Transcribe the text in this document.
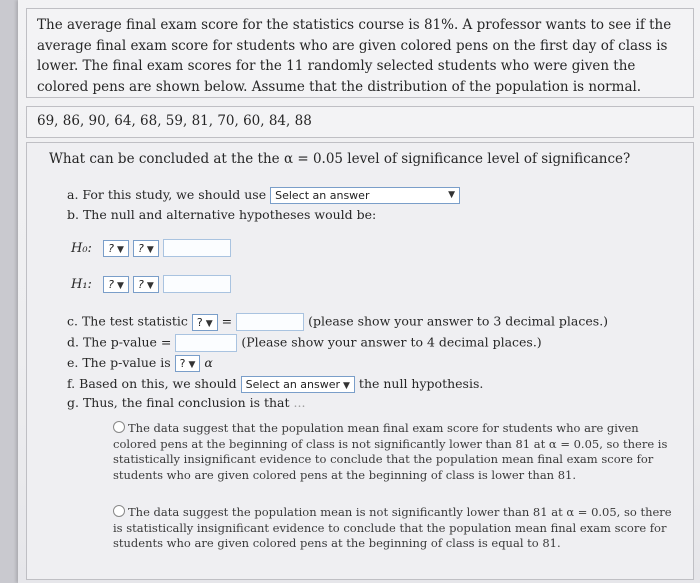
The average final exam score for the statistics course is 81%. A professor wants to see if the average final exam score for students who are given colored pens on the first day of class is lower. The final exam scores for the 11 randomly selected students who were given the colored pens are shown below. Assume that the distribution of the population is normal.

69, 86, 90, 64, 68, 59, 81, 70, 60, 84, 88
What can be concluded at the the α = 0.05 level of significance level of significance?
a. For this study, we should use Select an answer	▼
b. The null and alternative hypotheses would be:
H₀: ? ▼ ? ▼
H₁: ? ▼ ? ▼
c. The test statistic ? ▼ =	(please show your answer to 3 decimal places.)
d. The p-value =	(Please show your answer to 4 decimal places.)
e. The p-value is ? ▼ α
f. Based on this, we should Select an answer ▼ the null hypothesis.
g. Thus, the final conclusion is that ...
The data suggest that the population mean final exam score for students who are given colored pens at the beginning of class is not significantly lower than 81 at α = 0.05, so there is statistically insignificant evidence to conclude that the population mean final exam score for students who are given colored pens at the beginning of class is lower than 81.
The data suggest the population mean is not significantly lower than 81 at α = 0.05, so there is statistically insignificant evidence to conclude that the population mean final exam score for students who are given colored pens at the beginning of class is equal to 81.
